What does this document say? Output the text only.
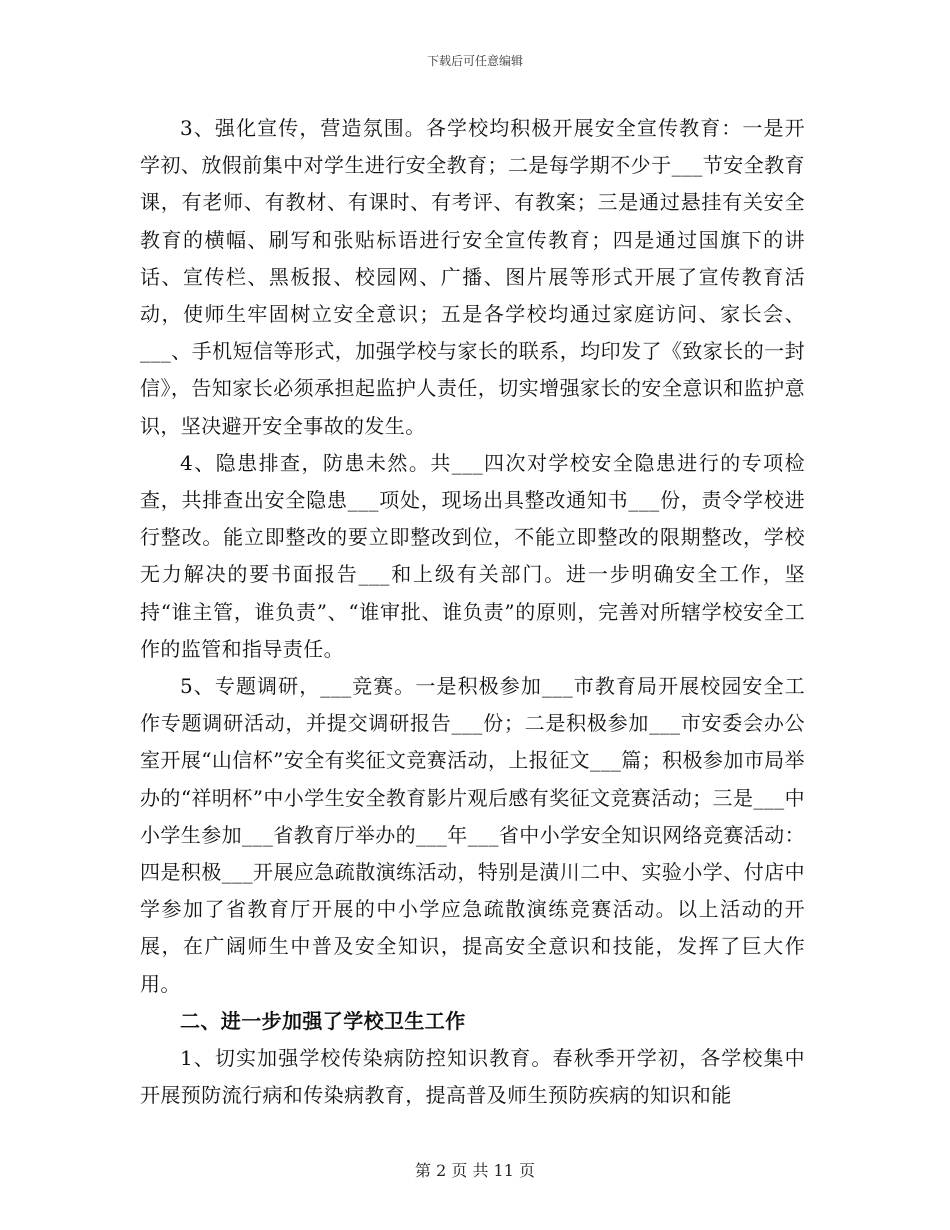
下载后可任意编辑

3、强化宣传，营造氛围。各学校均积极开展安全宣传教育：一是开学初、放假前集中对学生进行安全教育；二是每学期不少于___节安全教育课，有老师、有教材、有课时、有考评、有教案；三是通过悬挂有关安全教育的横幅、刷写和张贴标语进行安全宣传教育；四是通过国旗下的讲话、宣传栏、黑板报、校园网、广播、图片展等形式开展了宣传教育活动，使师生牢固树立安全意识；五是各学校均通过家庭访问、家长会、___、手机短信等形式，加强学校与家长的联系，均印发了《致家长的一封信》，告知家长必须承担起监护人责任，切实增强家长的安全意识和监护意识，坚决避开安全事故的发生。

4、隐患排查，防患未然。共___四次对学校安全隐患进行的专项检查，共排查出安全隐患___项处，现场出具整改通知书___份，责令学校进行整改。能立即整改的要立即整改到位，不能立即整改的限期整改，学校无力解决的要书面报告___和上级有关部门。进一步明确安全工作，坚持“谁主管，谁负责”、“谁审批、谁负责”的原则，完善对所辖学校安全工作的监管和指导责任。

5、专题调研，___竞赛。一是积极参加___市教育局开展校园安全工作专题调研活动，并提交调研报告___份；二是积极参加___市安委会办公室开展“山信杯”安全有奖征文竞赛活动，上报征文___篇；积极参加市局举办的“祥明杯”中小学生安全教育影片观后感有奖征文竞赛活动；三是___中小学生参加___省教育厅举办的___年___省中小学安全知识网络竞赛活动：四是积极___开展应急疏散演练活动，特别是潢川二中、实验小学、付店中学参加了省教育厅开展的中小学应急疏散演练竞赛活动。以上活动的开展，在广阔师生中普及安全知识，提高安全意识和技能，发挥了巨大作用。

二、进一步加强了学校卫生工作

1、切实加强学校传染病防控知识教育。春秋季开学初，各学校集中开展预防流行病和传染病教育，提高普及师生预防疾病的知识和能

第 2 页 共 11 页
